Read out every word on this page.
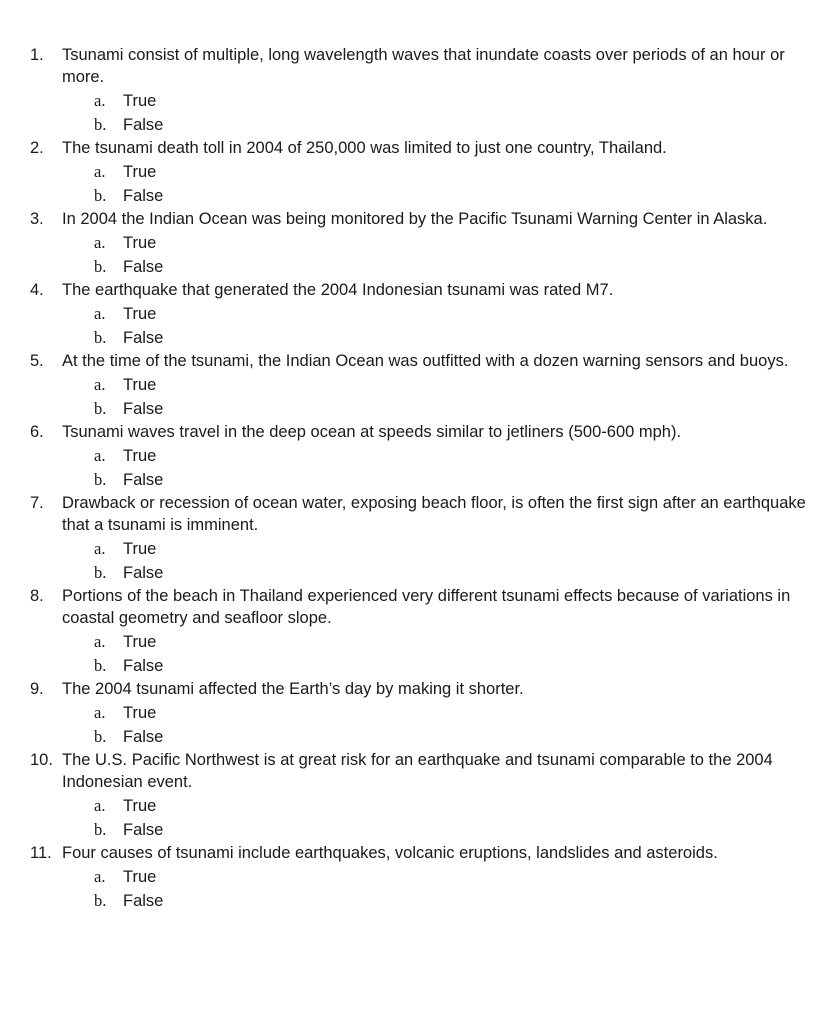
1.	Tsunami consist of multiple, long wavelength waves that inundate coasts over periods of an hour or more.
a.	True
b.	False
2.	The tsunami death toll in 2004 of 250,000 was limited to just one country, Thailand.
a.	True
b.	False
3.	In 2004 the Indian Ocean was being monitored by the Pacific Tsunami Warning Center in Alaska.
a.	True
b.	False
4.	The earthquake that generated the 2004 Indonesian tsunami was rated M7.
a.	True
b.	False
5.	At the time of the tsunami, the Indian Ocean was outfitted with a dozen warning sensors and buoys.
a.	True
b.	False
6.	Tsunami waves travel in the deep ocean at speeds similar to jetliners (500-600 mph).
a.	True
b.	False
7.	Drawback or recession of ocean water, exposing beach floor, is often the first sign after an earthquake that a tsunami is imminent.
a.	True
b.	False
8.	Portions of the beach in Thailand experienced very different tsunami effects because of variations in coastal geometry and seafloor slope.
a.	True
b.	False
9.	The 2004 tsunami affected the Earth’s day by making it shorter.
a.	True
b.	False
10. The U.S. Pacific Northwest is at great risk for an earthquake and tsunami comparable to the 2004 Indonesian event.
a.	True
b.	False
11. Four causes of tsunami include earthquakes, volcanic eruptions, landslides and asteroids.
a.	True
b.	False
